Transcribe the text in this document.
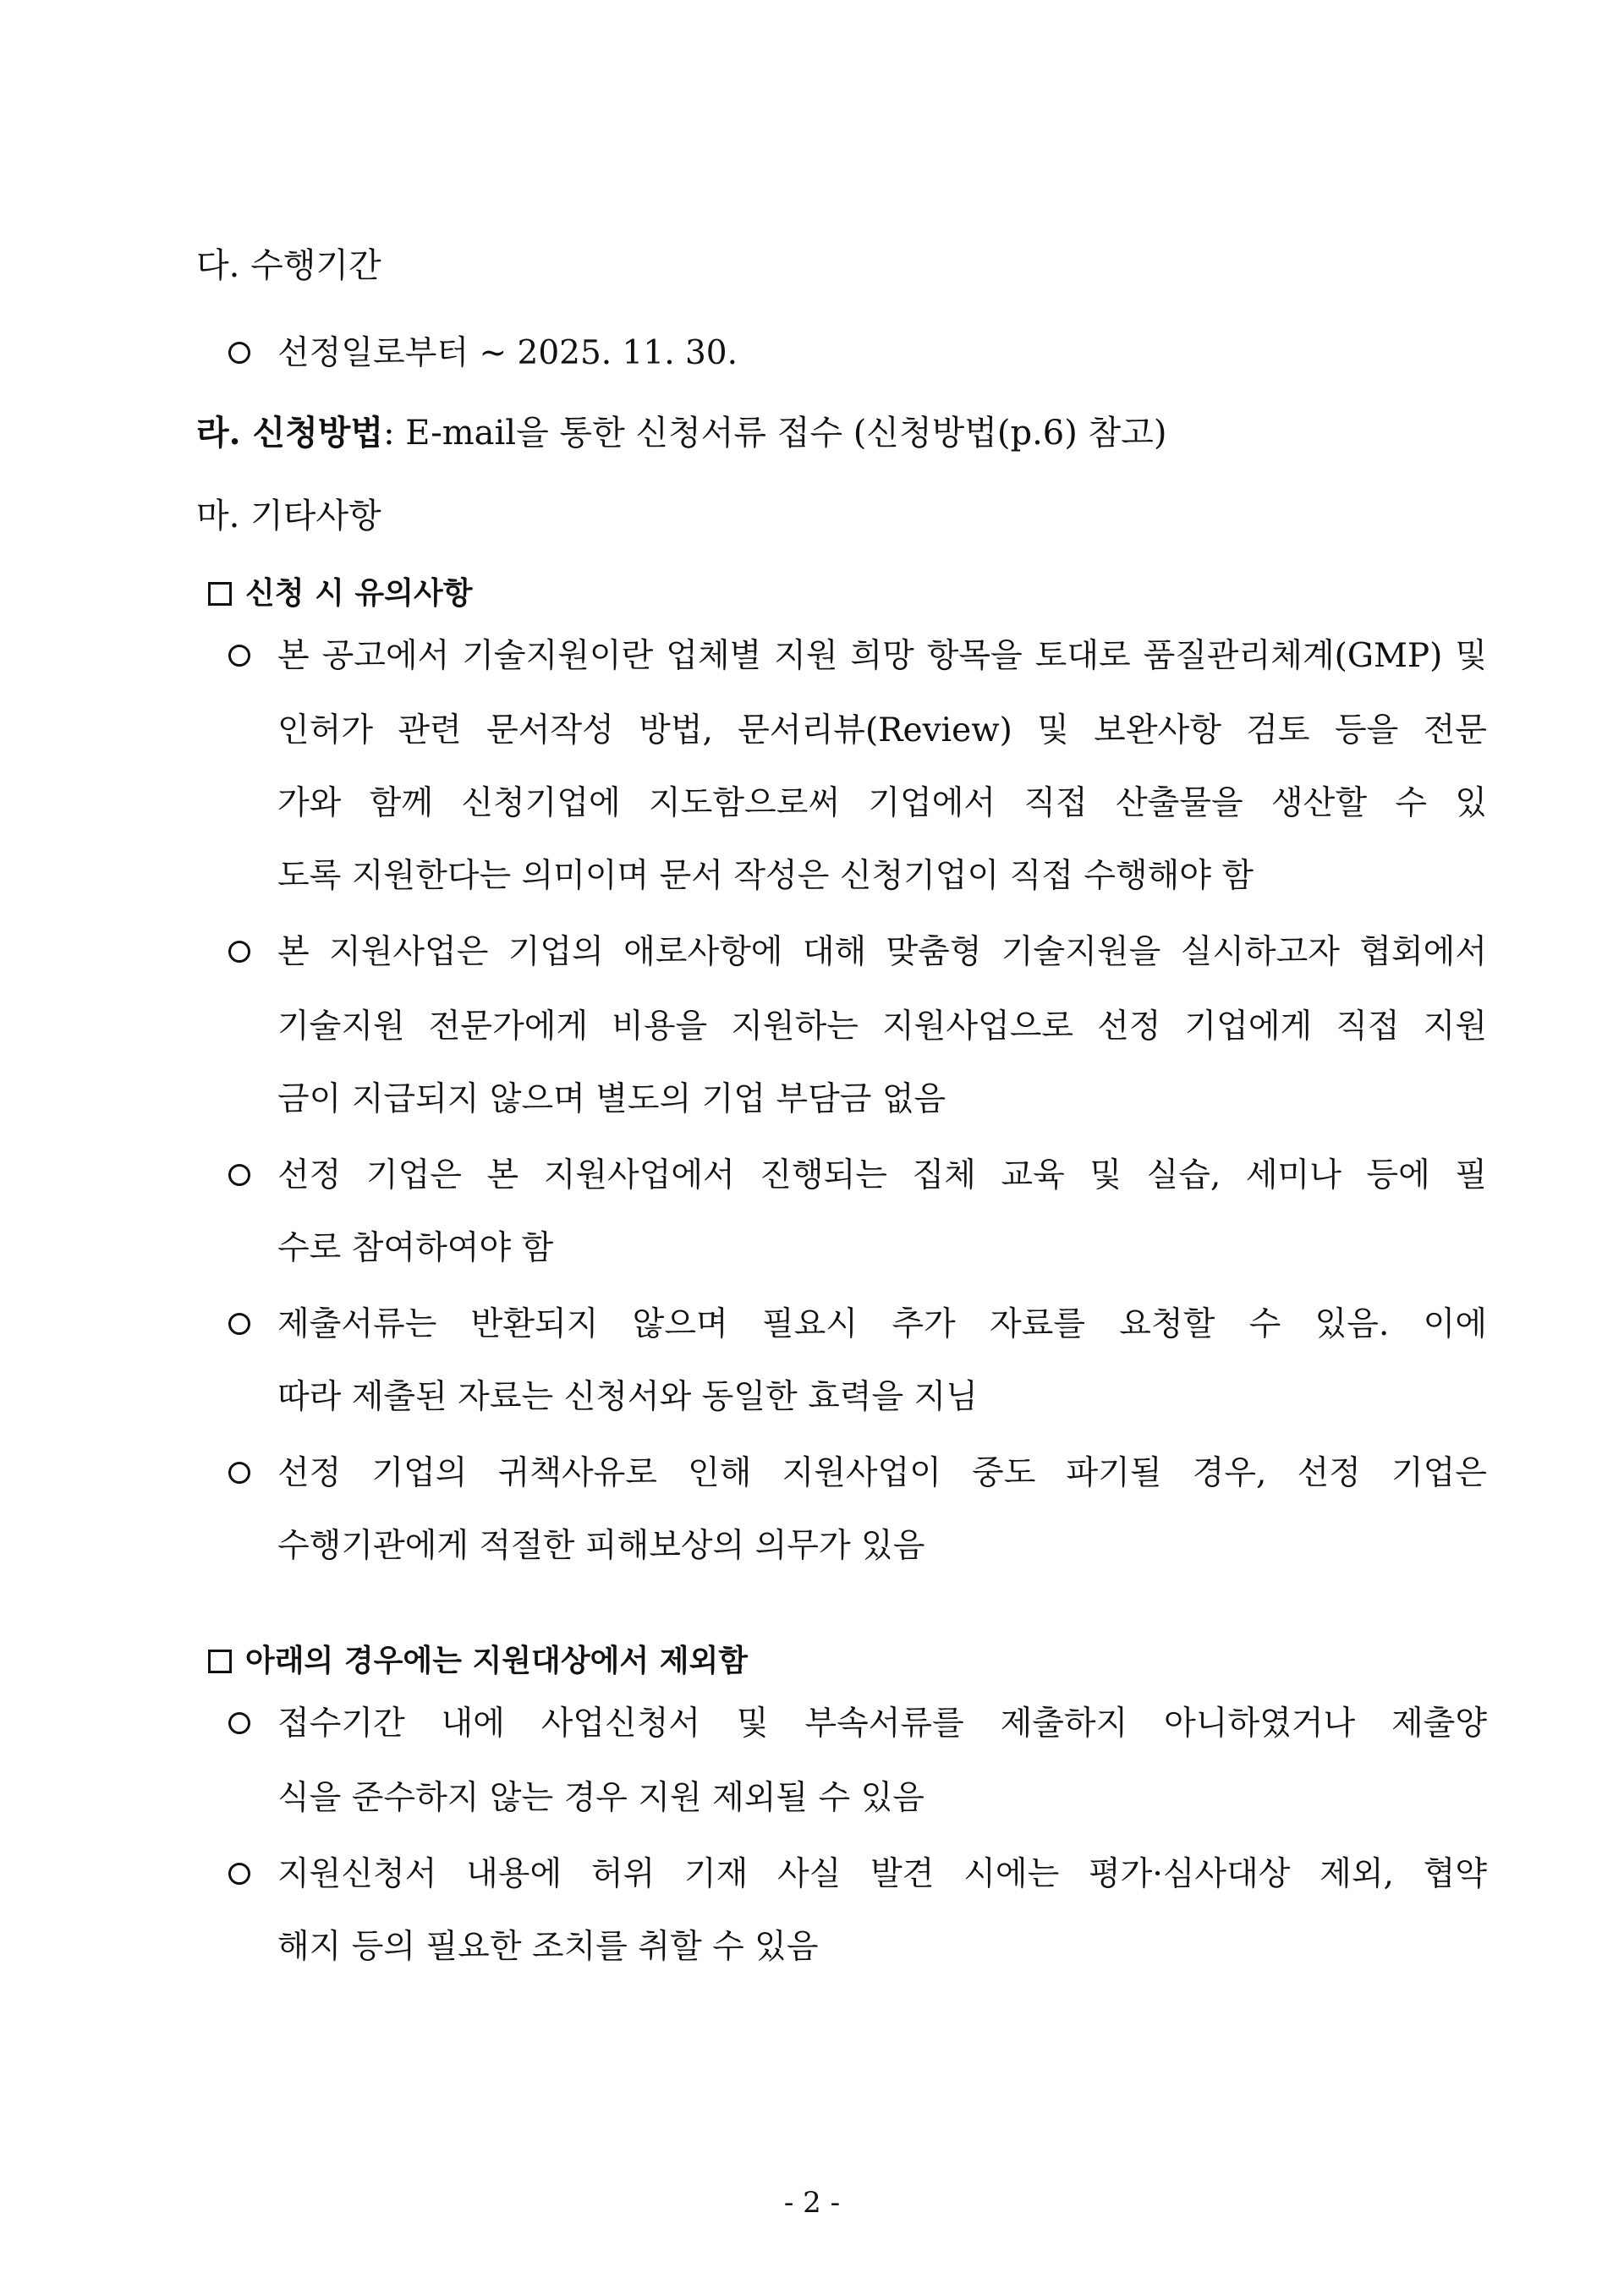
다. 수행기간
선정일로부터 ~ 2025. 11. 30.
라. 신청방법: E-mail을 통한 신청서류 접수 (신청방법(p.6) 참고)
마. 기타사항
신청 시 유의사항
본 공고에서 기술지원이란 업체별 지원 희망 항목을 토대로 품질관리체계(GMP) 및
인허가 관련 문서작성 방법, 문서리뷰(Review) 및 보완사항 검토 등을 전문
가와 함께 신청기업에 지도함으로써 기업에서 직접 산출물을 생산할 수 있
도록 지원한다는 의미이며 문서 작성은 신청기업이 직접 수행해야 함
본 지원사업은 기업의 애로사항에 대해 맞춤형 기술지원을 실시하고자 협회에서
기술지원 전문가에게 비용을 지원하는 지원사업으로 선정 기업에게 직접 지원
금이 지급되지 않으며 별도의 기업 부담금 없음
선정 기업은 본 지원사업에서 진행되는 집체 교육 및 실습, 세미나 등에 필
수로 참여하여야 함
제출서류는 반환되지 않으며 필요시 추가 자료를 요청할 수 있음. 이에
따라 제출된 자료는 신청서와 동일한 효력을 지님
선정 기업의 귀책사유로 인해 지원사업이 중도 파기될 경우, 선정 기업은
수행기관에게 적절한 피해보상의 의무가 있음
아래의 경우에는 지원대상에서 제외함
접수기간 내에 사업신청서 및 부속서류를 제출하지 아니하였거나 제출양
식을 준수하지 않는 경우 지원 제외될 수 있음
지원신청서 내용에 허위 기재 사실 발견 시에는 평가·심사대상 제외, 협약
해지 등의 필요한 조치를 취할 수 있음
- 2 -
